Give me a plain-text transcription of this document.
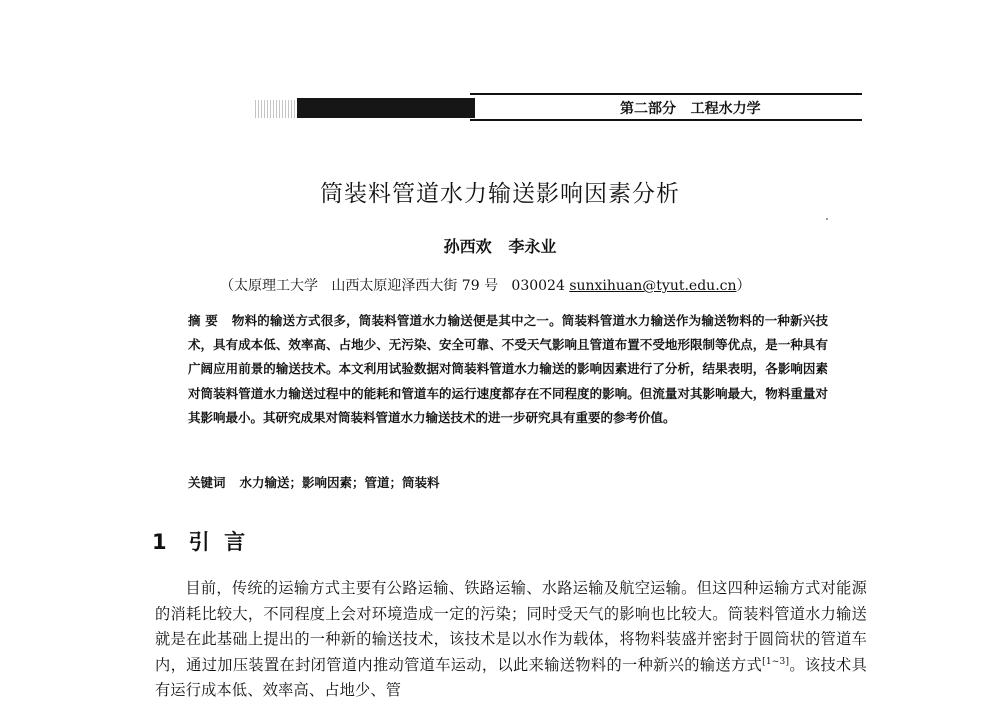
第二部分   工程水力学
筒装料管道水力输送影响因素分析
孙西欢   李永业
（太原理工大学   山西太原迎泽西大街 79 号   030024 sunxihuan@tyut.edu.cn）
摘 要 物料的输送方式很多，筒装料管道水力输送便是其中之一。筒装料管道水力输送作为输送物料的一种新兴技术，具有成本低、效率高、占地少、无污染、安全可靠、不受天气影响且管道布置不受地形限制等优点，是一种具有广阔应用前景的输送技术。本文利用试验数据对筒装料管道水力输送的影响因素进行了分析，结果表明，各影响因素对筒装料管道水力输送过程中的能耗和管道车的运行速度都存在不同程度的影响。但流量对其影响最大，物料重量对其影响最小。其研究成果对筒装料管道水力输送技术的进一步研究具有重要的参考价值。
关键词 水力输送；影响因素；管道；筒装料
1 引  言
目前，传统的运输方式主要有公路运输、铁路运输、水路运输及航空运输。但这四种运输方式对能源的消耗比较大，不同程度上会对环境造成一定的污染；同时受天气的影响也比较大。筒装料管道水力输送就是在此基础上提出的一种新的输送技术，该技术是以水作为载体，将物料装盛并密封于圆筒状的管道车内，通过加压装置在封闭管道内推动管道车运动，以此来输送物料的一种新兴的输送方式[1~3]。该技术具有运行成本低、效率高、占地少、管
